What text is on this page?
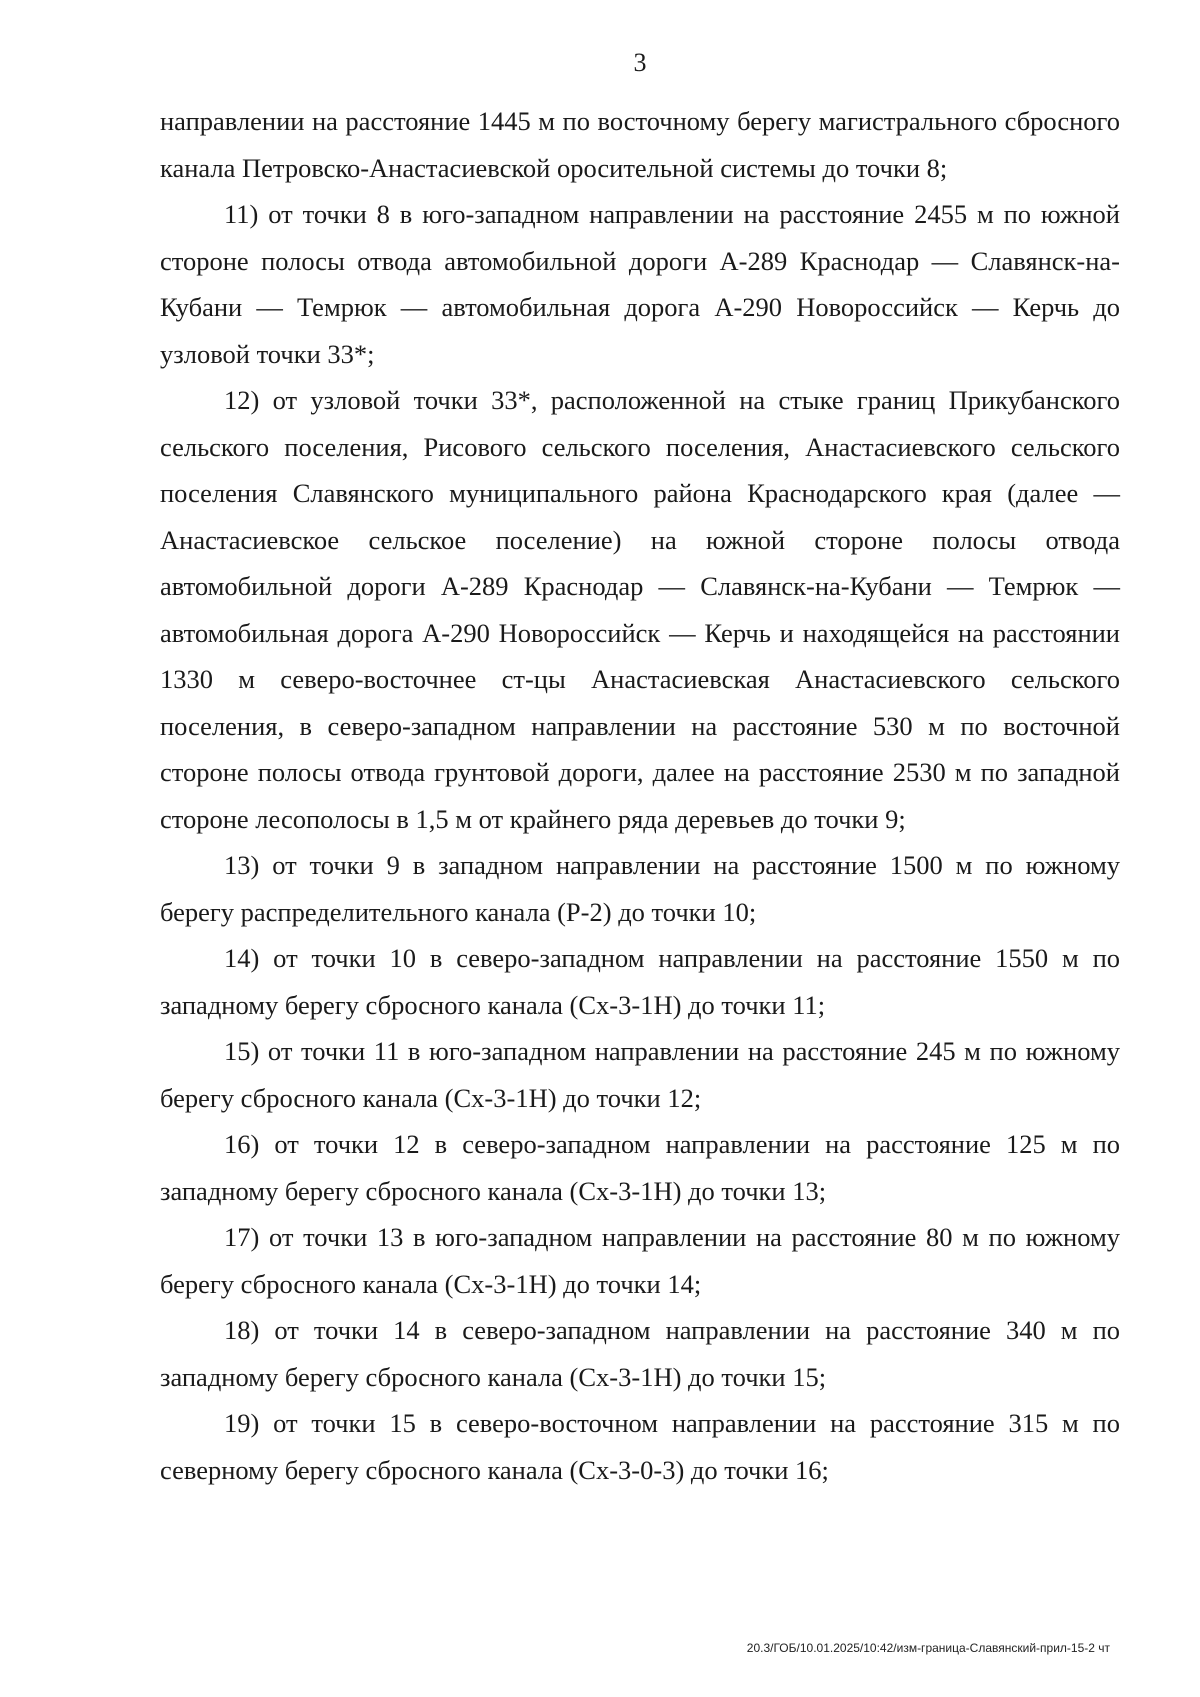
3

направлении на расстояние 1445 м по восточному берегу магистрального сбросного канала Петровско-Анастасиевской оросительной системы до точки 8;

11) от точки 8 в юго-западном направлении на расстояние 2455 м по южной стороне полосы отвода автомобильной дороги А-289 Краснодар — Славянск-на-Кубани — Темрюк — автомобильная дорога А-290 Новороссийск — Керчь до узловой точки 33*;

12) от узловой точки 33*, расположенной на стыке границ Прикубанского сельского поселения, Рисового сельского поселения, Анастасиевского сельского поселения Славянского муниципального района Краснодарского края (далее — Анастасиевское сельское поселение) на южной стороне полосы отвода автомобильной дороги А-289 Краснодар — Славянск-на-Кубани — Темрюк — автомобильная дорога А-290 Новороссийск — Керчь и находящейся на расстоянии 1330 м северо-восточнее ст-цы Анастасиевская Анастасиевского сельского поселения, в северо-западном направлении на расстояние 530 м по восточной стороне полосы отвода грунтовой дороги, далее на расстояние 2530 м по западной стороне лесополосы в 1,5 м от крайнего ряда деревьев до точки 9;

13) от точки 9 в западном направлении на расстояние 1500 м по южному берегу распределительного канала (Р-2) до точки 10;

14) от точки 10 в северо-западном направлении на расстояние 1550 м по западному берегу сбросного канала (Сх-3-1Н) до точки 11;

15) от точки 11 в юго-западном направлении на расстояние 245 м по южному берегу сбросного канала (Сх-3-1Н) до точки 12;

16) от точки 12 в северо-западном направлении на расстояние 125 м по западному берегу сбросного канала (Сх-3-1Н) до точки 13;

17) от точки 13 в юго-западном направлении на расстояние 80 м по южному берегу сбросного канала (Сх-3-1Н) до точки 14;

18) от точки 14 в северо-западном направлении на расстояние 340 м по западному берегу сбросного канала (Сх-3-1Н) до точки 15;

19) от точки 15 в северо-восточном направлении на расстояние 315 м по северному берегу сбросного канала (Сх-3-0-3) до точки 16;

20.3/ГОБ/10.01.2025/10:42/изм-граница-Славянский-прил-15-2 чт
